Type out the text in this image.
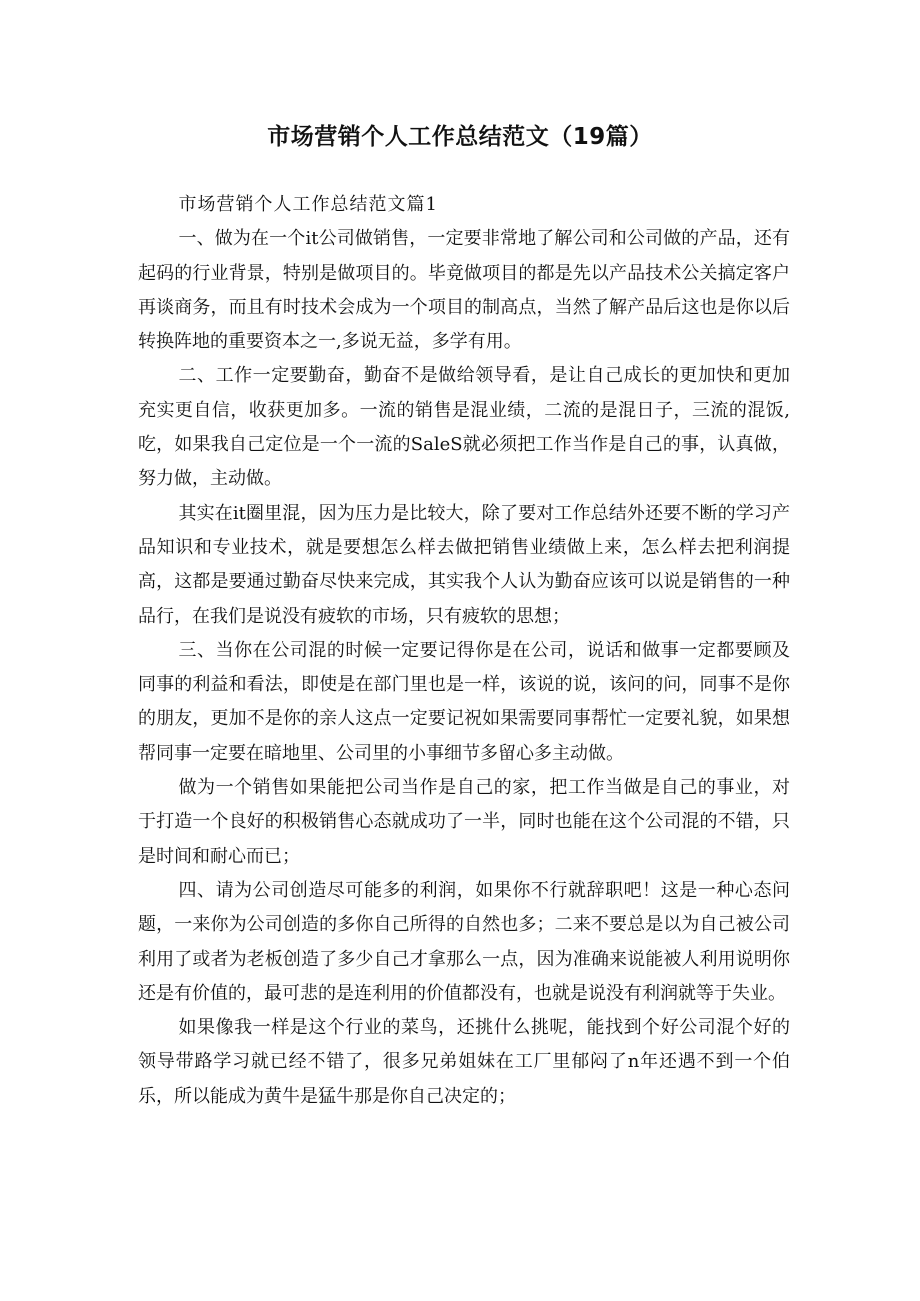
市场营销个人工作总结范文（19篇）

市场营销个人工作总结范文篇1

一、做为在一个it公司做销售，一定要非常地了解公司和公司做的产品，还有起码的行业背景，特别是做项目的。毕竟做项目的都是先以产品技术公关搞定客户再谈商务，而且有时技术会成为一个项目的制高点，当然了解产品后这也是你以后转换阵地的重要资本之一,多说无益，多学有用。

二、工作一定要勤奋，勤奋不是做给领导看，是让自己成长的更加快和更加充实更自信，收获更加多。一流的销售是混业绩，二流的是混日子，三流的混饭,吃，如果我自己定位是一个一流的SaleS就必须把工作当作是自己的事，认真做，努力做，主动做。

其实在it圈里混，因为压力是比较大，除了要对工作总结外还要不断的学习产品知识和专业技术，就是要想怎么样去做把销售业绩做上来，怎么样去把利润提高，这都是要通过勤奋尽快来完成，其实我个人认为勤奋应该可以说是销售的一种品行，在我们是说没有疲软的市场，只有疲软的思想；

三、当你在公司混的时候一定要记得你是在公司，说话和做事一定都要顾及同事的利益和看法，即使是在部门里也是一样，该说的说，该问的问，同事不是你的朋友，更加不是你的亲人这点一定要记祝如果需要同事帮忙一定要礼貌，如果想帮同事一定要在暗地里、公司里的小事细节多留心多主动做。

做为一个销售如果能把公司当作是自己的家，把工作当做是自己的事业，对于打造一个良好的积极销售心态就成功了一半，同时也能在这个公司混的不错，只是时间和耐心而已；

四、请为公司创造尽可能多的利润，如果你不行就辞职吧！这是一种心态问题，一来你为公司创造的多你自己所得的自然也多；二来不要总是以为自己被公司利用了或者为老板创造了多少自己才拿那么一点，因为准确来说能被人利用说明你还是有价值的，最可悲的是连利用的价值都没有，也就是说没有利润就等于失业。

如果像我一样是这个行业的菜鸟，还挑什么挑呢，能找到个好公司混个好的领导带路学习就已经不错了，很多兄弟姐妹在工厂里郁闷了n年还遇不到一个伯乐，所以能成为黄牛是猛牛那是你自己决定的；
